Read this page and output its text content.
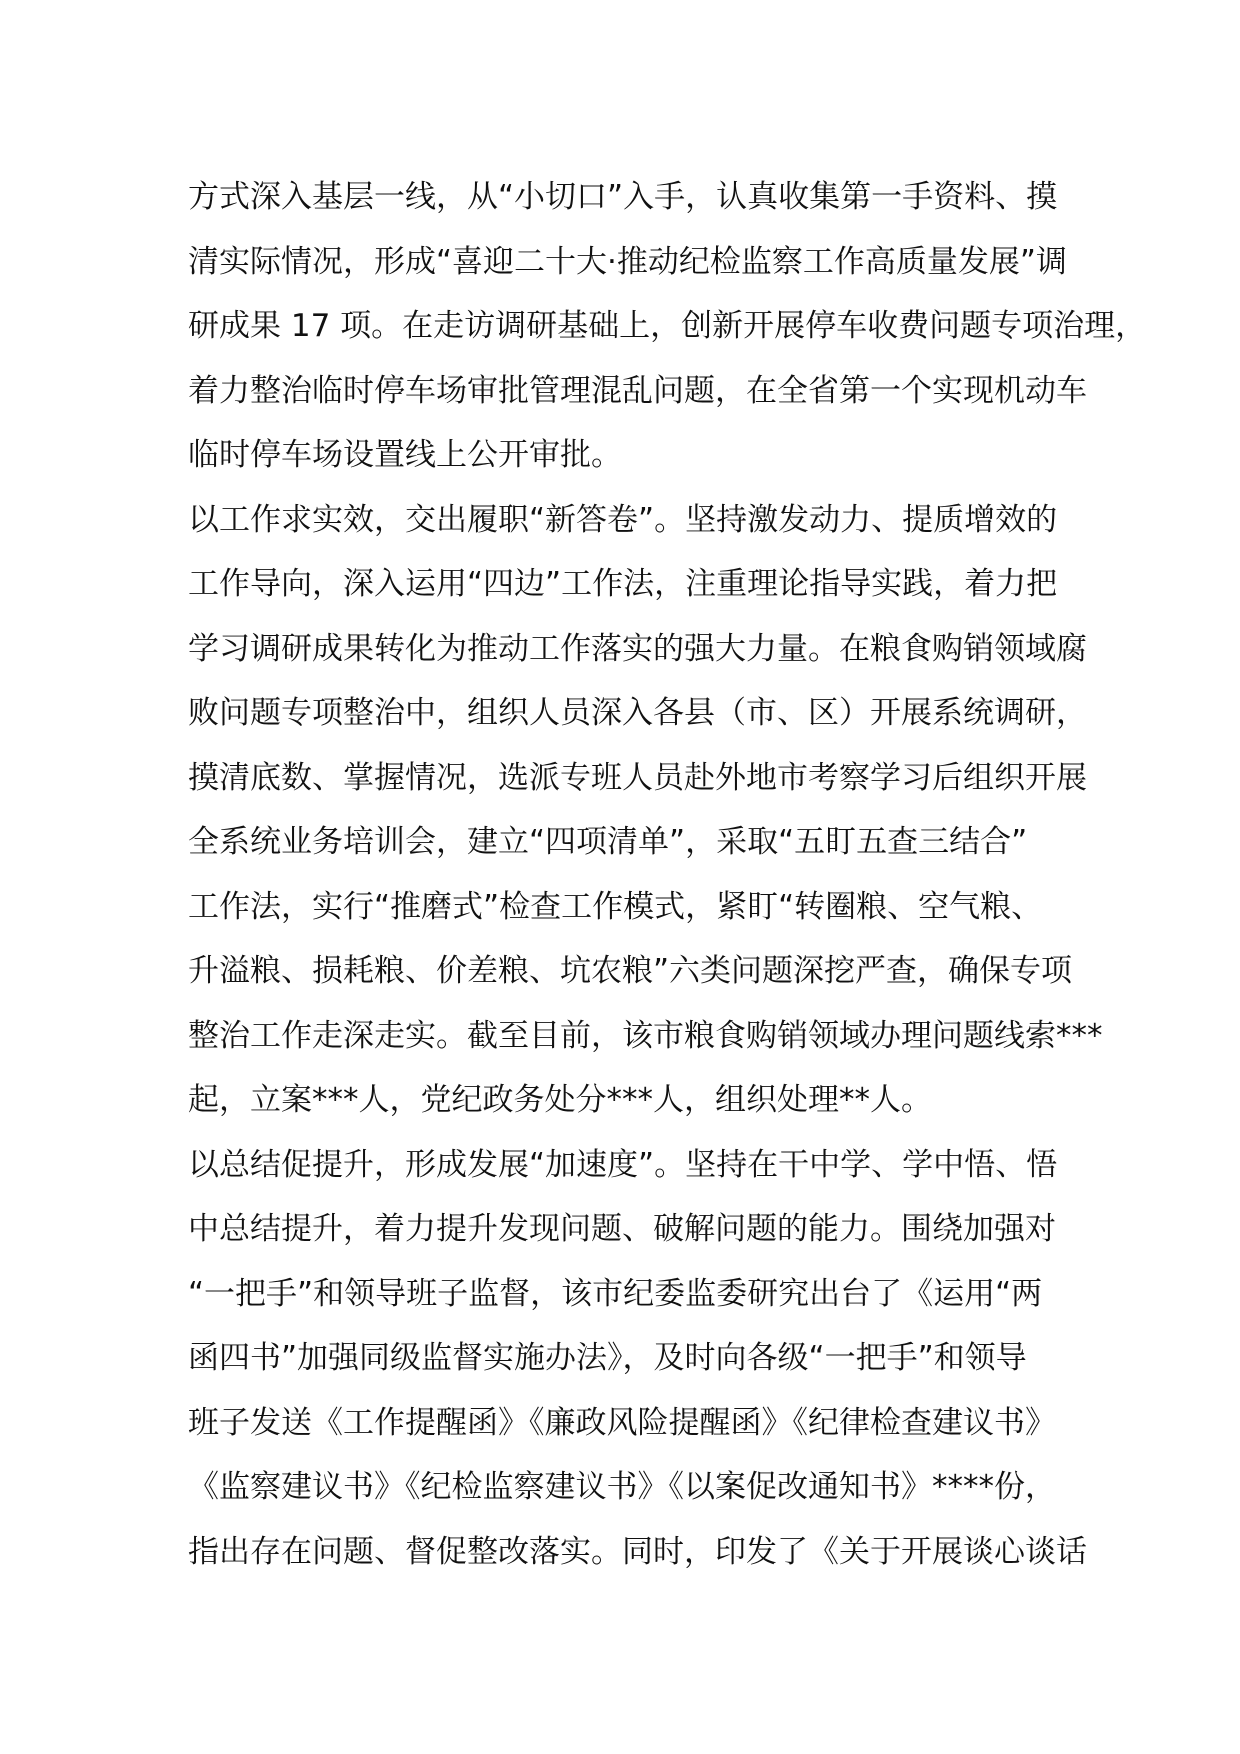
方式深入基层一线，从“小切口”入手，认真收集第一手资料、摸
清实际情况，形成“喜迎二十大·推动纪检监察工作高质量发展”调
研成果 17 项。在走访调研基础上，创新开展停车收费问题专项治理，
着力整治临时停车场审批管理混乱问题，在全省第一个实现机动车
临时停车场设置线上公开审批。
以工作求实效，交出履职“新答卷”。坚持激发动力、提质增效的
工作导向，深入运用“四边”工作法，注重理论指导实践，着力把
学习调研成果转化为推动工作落实的强大力量。在粮食购销领域腐
败问题专项整治中，组织人员深入各县（市、区）开展系统调研，
摸清底数、掌握情况，选派专班人员赴外地市考察学习后组织开展
全系统业务培训会，建立“四项清单”，采取“五盯五查三结合”
工作法，实行“推磨式”检查工作模式，紧盯“转圈粮、空气粮、
升溢粮、损耗粮、价差粮、坑农粮”六类问题深挖严查，确保专项
整治工作走深走实。截至目前，该市粮食购销领域办理问题线索***
起，立案***人，党纪政务处分***人，组织处理**人。
以总结促提升，形成发展“加速度”。坚持在干中学、学中悟、悟
中总结提升，着力提升发现问题、破解问题的能力。围绕加强对
“一把手”和领导班子监督，该市纪委监委研究出台了《运用“两
函四书”加强同级监督实施办法》，及时向各级“一把手”和领导
班子发送《工作提醒函》《廉政风险提醒函》《纪律检查建议书》
《监察建议书》《纪检监察建议书》《以案促改通知书》****份，
指出存在问题、督促整改落实。同时，印发了《关于开展谈心谈话
